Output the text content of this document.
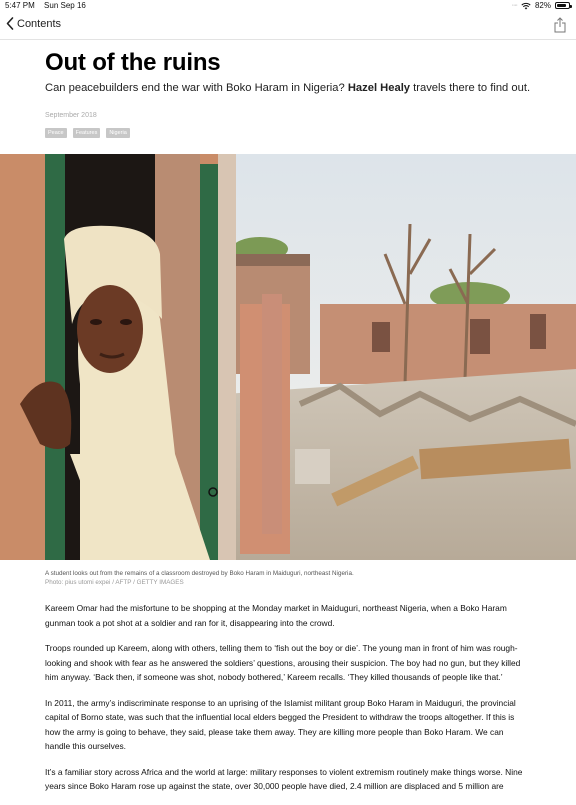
5:47 PM Sun Sep 16	···· 82%
Contents
Out of the ruins

Can peacebuilders end the war with Boko Haram in Nigeria? Hazel Healy travels there to find out.

September 2018
Peace	Features	Nigeria
A student looks out from the remains of a classroom destroyed by Boko Haram in Maiduguri, northeast Nigeria.
Photo: pius utomi expei / AFTP / GETTY IMAGES

Kareem Omar had the misfortune to be shopping at the Monday market in Maiduguri, northeast Nigeria, when a Boko Haram gunman took a pot shot at a soldier and ran for it, disappearing into the crowd.

Troops rounded up Kareem, along with others, telling them to ‘fish out the boy or die’. The young man in front of him was rough-looking and shook with fear as he answered the soldiers’ questions, arousing their suspicion. The boy had no gun, but they killed him anyway. ‘Back then, if someone was shot, nobody bothered,’ Kareem recalls. ‘They killed thousands of people like that.’

In 2011, the army’s indiscriminate response to an uprising of the Islamist militant group Boko Haram in Maiduguri, the provincial capital of Borno state, was such that the influential local elders begged the President to withdraw the troops altogether. If this is how the army is going to behave, they said, please take them away. They are killing more people than Boko Haram. We can handle this ourselves.

It’s a familiar story across Africa and the world at large: military responses to violent extremism routinely make things worse. Nine years since Boko Haram rose up against the state, over 30,000 people have died, 2.4 million are displaced and 5 million are
